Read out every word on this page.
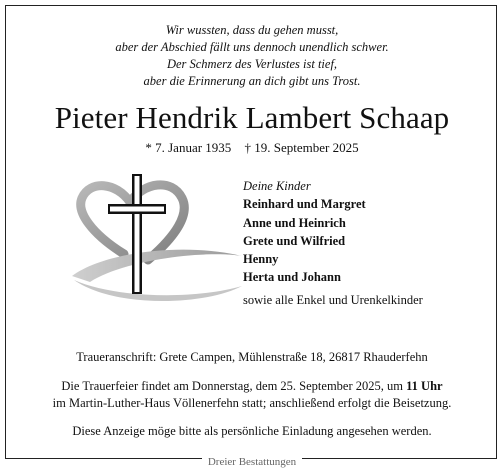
Wir wussten, dass du gehen musst,
aber der Abschied fällt uns dennoch unendlich schwer.
Der Schmerz des Verlustes ist tief,
aber die Erinnerung an dich gibt uns Trost.
Pieter Hendrik Lambert Schaap
* 7. Januar 1935 † 19. September 2025
Deine Kinder
Reinhard und Margret
Anne und Heinrich
Grete und Wilfried
Henny
Herta und Johann
sowie alle Enkel und Urenkelkinder
Traueranschrift: Grete Campen, Mühlenstraße 18, 26817 Rhauderfehn
Die Trauerfeier findet am Donnerstag, dem 25. September 2025, um 11 Uhr
im Martin-Luther-Haus Völlenerfehn statt; anschließend erfolgt die Beisetzung.
Diese Anzeige möge bitte als persönliche Einladung angesehen werden.
Dreier Bestattungen
